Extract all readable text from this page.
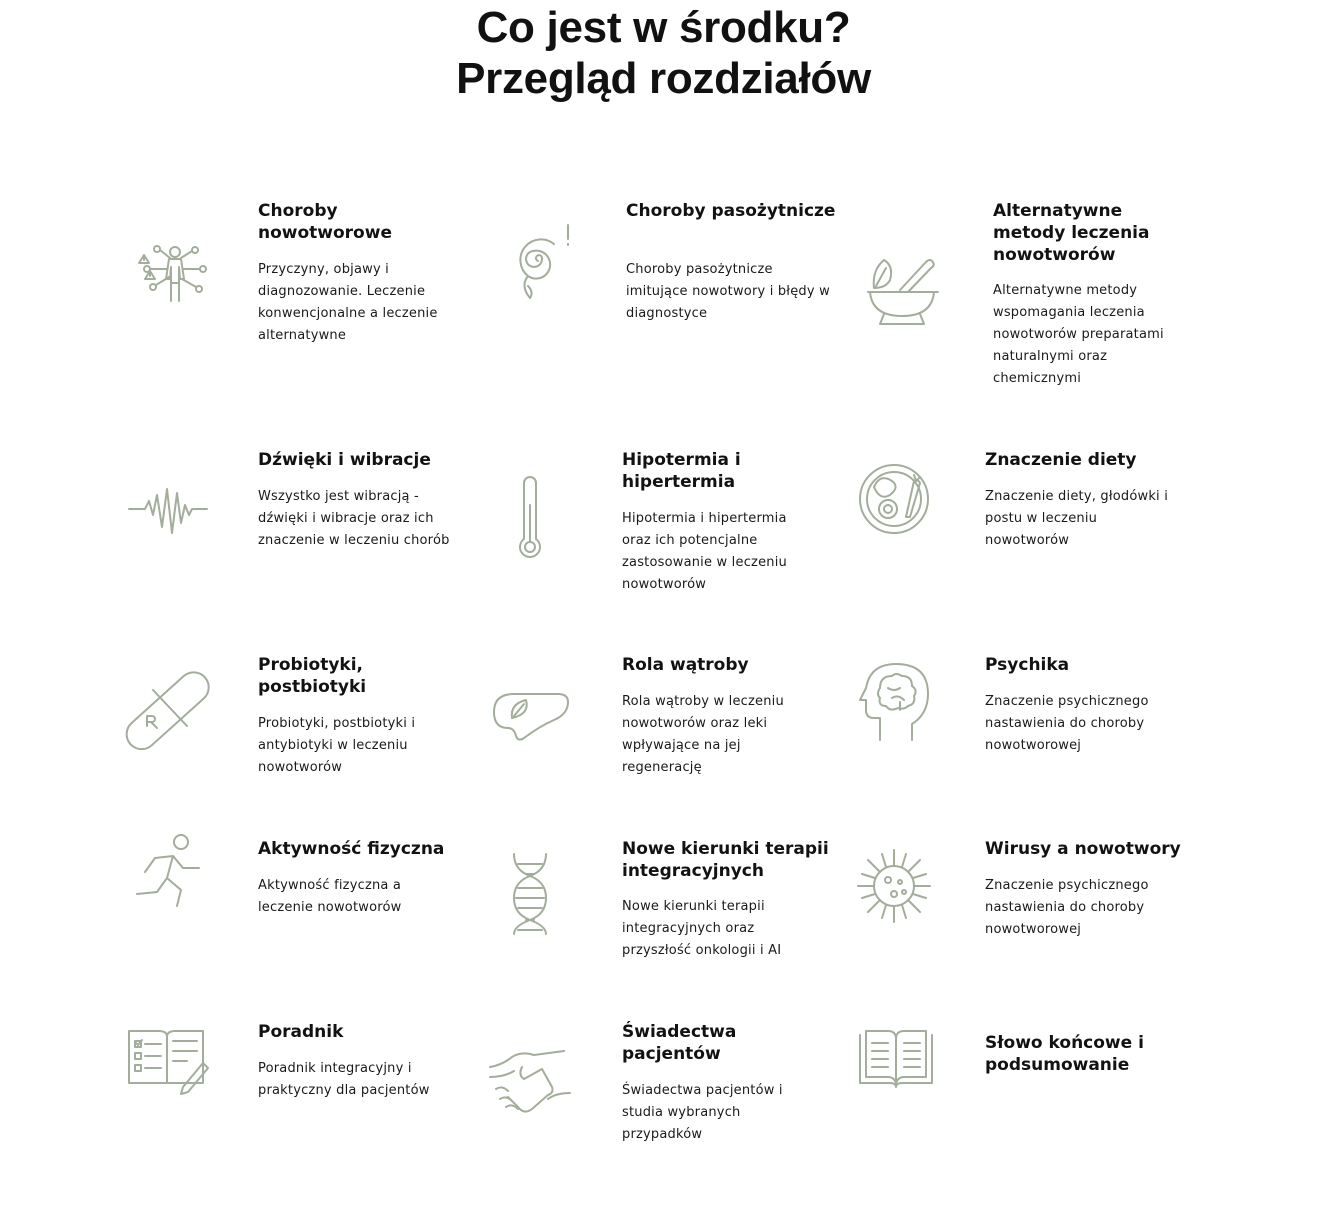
Co jest w środku?
Przegląd rozdziałów
Choroby nowotworowe

Przyczyny, objawy i diagnozowanie. Leczenie konwencjonalne a leczenie alternatywne

Choroby pasożytnicze

Choroby pasożytnicze imitujące nowotwory i błędy w diagnostyce

Alternatywne metody leczenia nowotworów

Alternatywne metody wspomagania leczenia nowotworów preparatami naturalnymi oraz chemicznymi

Dźwięki i wibracje

Wszystko jest wibracją - dźwięki i wibracje oraz ich znaczenie w leczeniu chorób

Hipotermia i hipertermia

Hipotermia i hipertermia oraz ich potencjalne zastosowanie w leczeniu nowotworów

Znaczenie diety

Znaczenie diety, głodówki i postu w leczeniu nowotworów

Probiotyki, postbiotyki

Probiotyki, postbiotyki i antybiotyki w leczeniu nowotworów

Rola wątroby

Rola wątroby w leczeniu nowotworów oraz leki wpływające na jej regenerację

Psychika

Znaczenie psychicznego nastawienia do choroby nowotworowej

Aktywność fizyczna

Aktywność fizyczna a leczenie nowotworów

Nowe kierunki terapii integracyjnych

Nowe kierunki terapii integracyjnych oraz przyszłość onkologii i AI

Wirusy a nowotwory

Znaczenie psychicznego nastawienia do choroby nowotworowej

Poradnik

Poradnik integracyjny i praktyczny dla pacjentów

Świadectwa pacjentów

Świadectwa pacjentów i studia wybranych przypadków

Słowo końcowe i podsumowanie
